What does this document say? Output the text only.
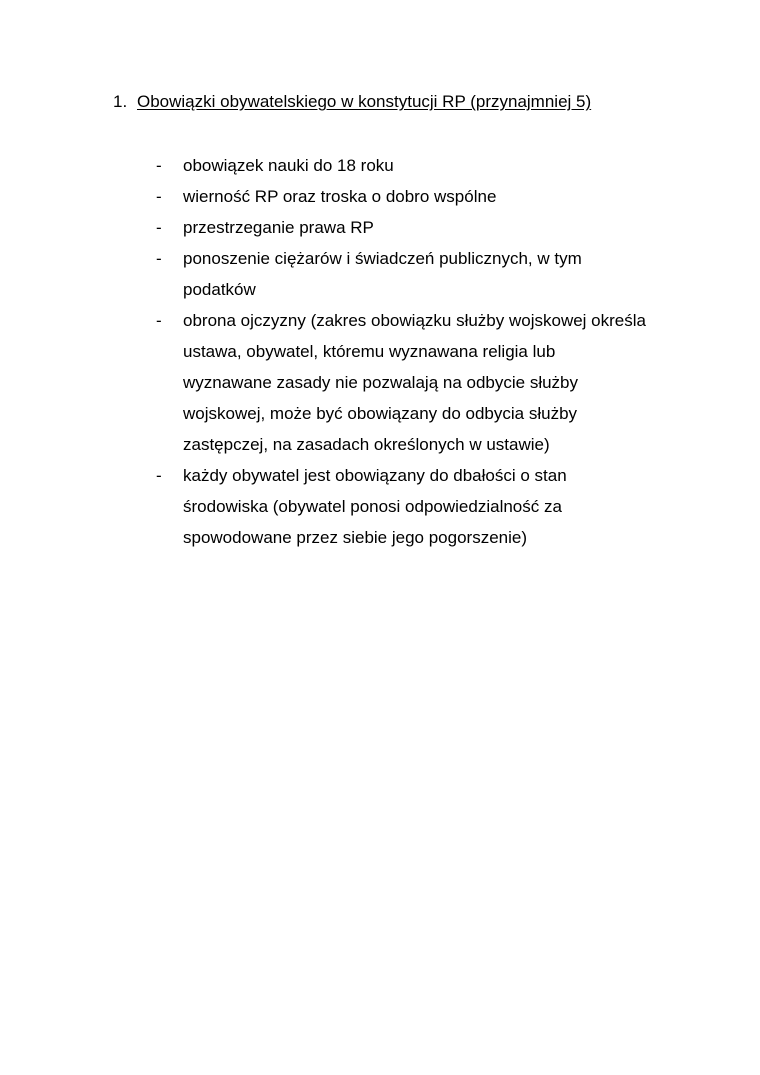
1. Obowiązki obywatelskiego w konstytucji RP (przynajmniej 5)
-	obowiązek nauki do 18 roku
-	wierność RP oraz troska o dobro wspólne
-	przestrzeganie prawa RP
-	ponoszenie ciężarów i świadczeń publicznych, w tym
podatków
-	obrona ojczyzny (zakres obowiązku służby wojskowej określa
ustawa, obywatel, któremu wyznawana religia lub
wyznawane zasady nie pozwalają na odbycie służby
wojskowej, może być obowiązany do odbycia służby
zastępczej, na zasadach określonych w ustawie)
-	każdy obywatel jest obowiązany do dbałości o stan
środowiska (obywatel ponosi odpowiedzialność za
spowodowane przez siebie jego pogorszenie)
